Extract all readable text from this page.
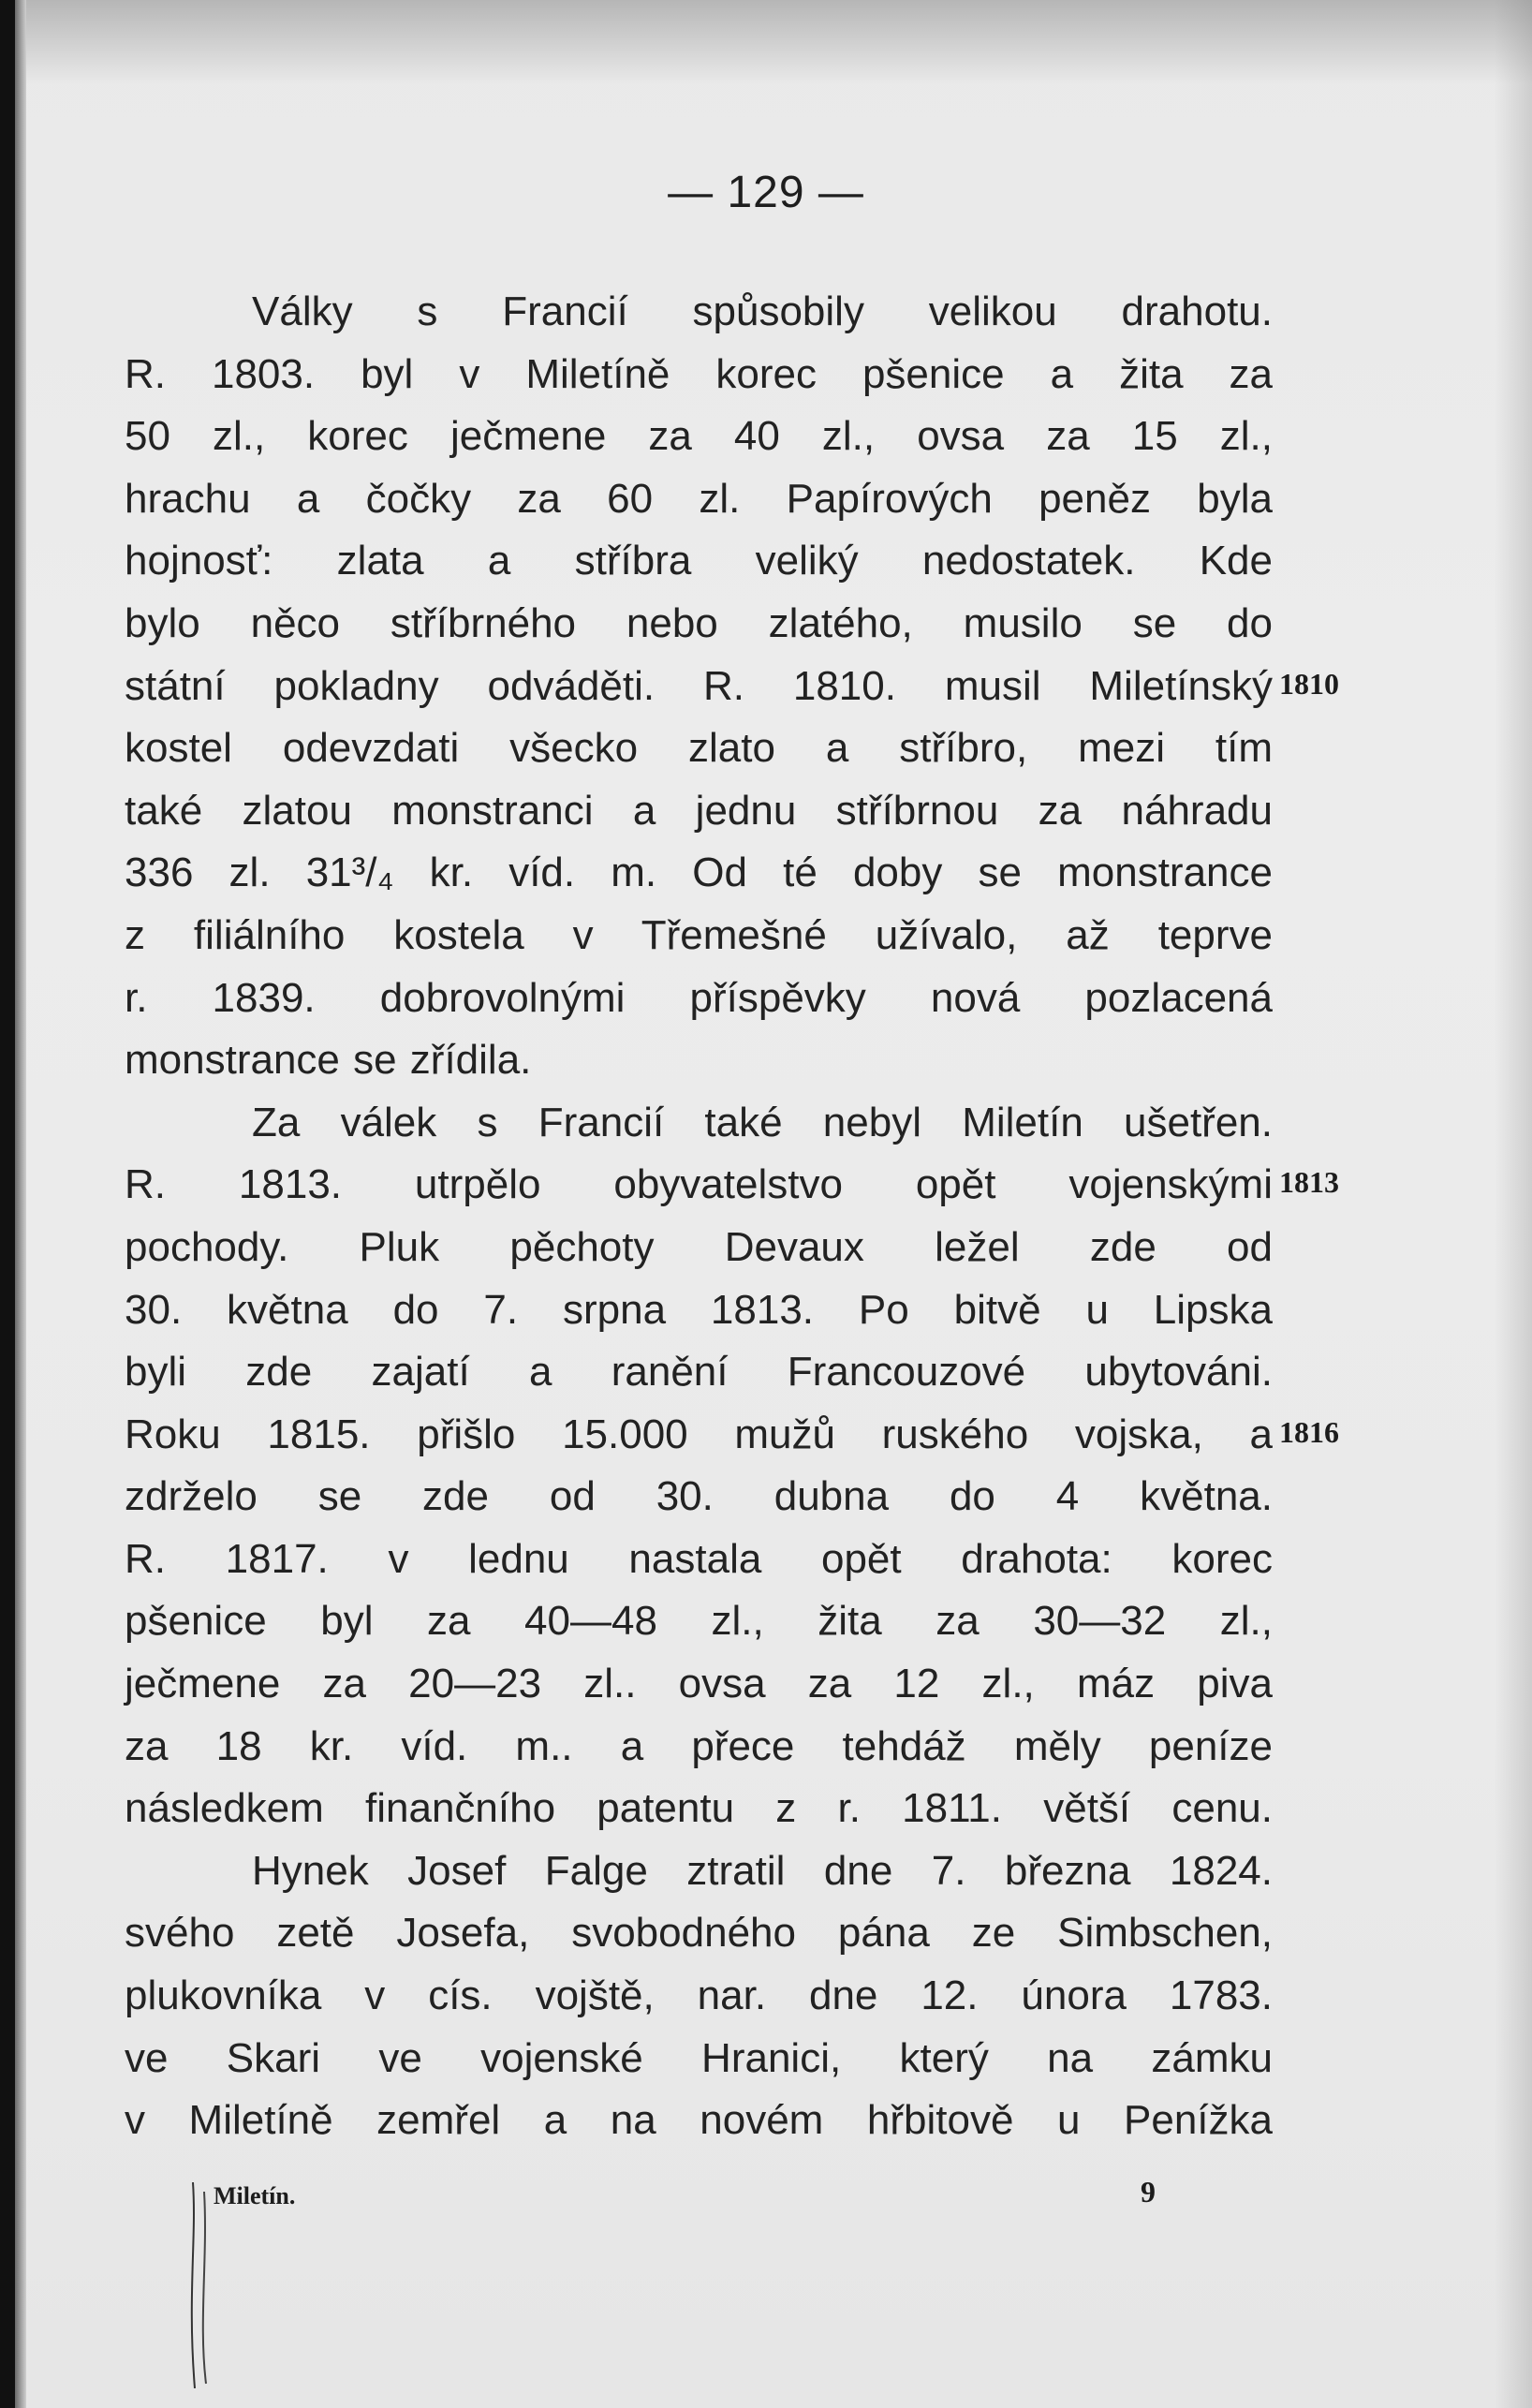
— 129 —
Války s Francií spůsobily velikou drahotu.
R. 1803. byl v Miletíně korec pšenice a žita za
50 zl., korec ječmene za 40 zl., ovsa za 15 zl.,
hrachu a čočky za 60 zl. Papírových peněz byla
hojnosť: zlata a stříbra veliký nedostatek. Kde
bylo něco stříbrného nebo zlatého, musilo se do
státní pokladny odváděti. R. 1810. musil Miletínský
kostel odevzdati všecko zlato a stříbro, mezi tím
také zlatou monstranci a jednu stříbrnou za náhradu
336 zl. 31³/₄ kr. víd. m. Od té doby se monstrance
z filiálního kostela v Třemešné užívalo, až teprve
r. 1839. dobrovolnými příspěvky nová pozlacená
monstrance se zřídila.
Za válek s Francií také nebyl Miletín ušetřen.
R. 1813. utrpělo obyvatelstvo opět vojenskými
pochody. Pluk pěchoty Devaux ležel zde od
30. května do 7. srpna 1813. Po bitvě u Lipska
byli zde zajatí a ranění Francouzové ubytováni.
Roku 1815. přišlo 15.000 mužů ruského vojska, a
zdrželo se zde od 30. dubna do 4 května.
R. 1817. v lednu nastala opět drahota: korec
pšenice byl za 40—48 zl., žita za 30—32 zl.,
ječmene za 20—23 zl.. ovsa za 12 zl., máz piva
za 18 kr. víd. m.. a přece tehdáž měly peníze
následkem finančního patentu z r. 1811. větší cenu.
Hynek Josef Falge ztratil dne 7. března 1824.
svého zetě Josefa, svobodného pána ze Simbschen,
plukovníka v cís. vojště, nar. dne 12. února 1783.
ve Skari ve vojenské Hranici, který na zámku
v Miletíně zemřel a na novém hřbitově u Penížka
1810
1813
1816
Miletín.	9
